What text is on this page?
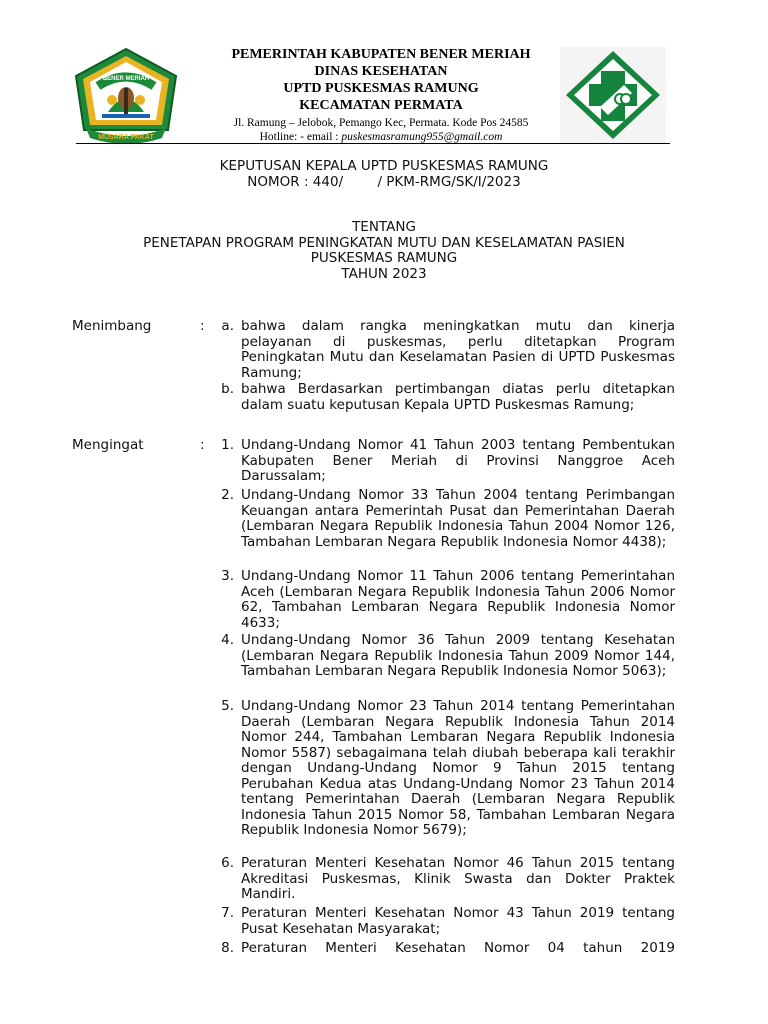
BENER MERIAH
MUSARA PAKAT
PEMERINTAH KABUPATEN BENER MERIAH
DINAS KESEHATAN
UPTD PUSKESMAS RAMUNG
KECAMATAN PERMATA
Jl. Ramung – Jelobok, Pemango Kec, Permata. Kode Pos 24585
Hotline: - email : puskesmasramung955@gmail.com
KEPUTUSAN KEPALA UPTD PUSKESMAS RAMUNG
NOMOR : 440/        / PKM-RMG/SK/I/2023
TENTANG
PENETAPAN PROGRAM PENINGKATAN MUTU DAN KESELAMATAN PASIEN
PUSKESMAS RAMUNG
TAHUN 2023
Menimbang	:	a. bahwa dalam rangka meningkatkan mutu dan kinerja pelayanan di puskesmas, perlu ditetapkan Program Peningkatan Mutu dan Keselamatan Pasien di UPTD Puskesmas Ramung;
b. bahwa Berdasarkan pertimbangan diatas perlu ditetapkan dalam suatu keputusan Kepala UPTD Puskesmas Ramung;
Mengingat	:	1. Undang-Undang Nomor 41 Tahun 2003 tentang Pembentukan Kabupaten Bener Meriah di Provinsi Nanggroe Aceh Darussalam;
2. Undang-Undang Nomor 33 Tahun 2004 tentang Perimbangan Keuangan antara Pemerintah Pusat dan Pemerintahan Daerah (Lembaran Negara Republik Indonesia Tahun 2004 Nomor 126, Tambahan Lembaran Negara Republik Indonesia Nomor 4438);
3. Undang-Undang Nomor 11 Tahun 2006 tentang Pemerintahan Aceh (Lembaran Negara Republik Indonesia Tahun 2006 Nomor 62, Tambahan Lembaran Negara Republik Indonesia Nomor 4633;
4. Undang-Undang Nomor 36 Tahun 2009 tentang Kesehatan (Lembaran Negara Republik Indonesia Tahun 2009 Nomor 144, Tambahan Lembaran Negara Republik Indonesia Nomor 5063);
5. Undang-Undang Nomor 23 Tahun 2014 tentang Pemerintahan Daerah (Lembaran Negara Republik Indonesia Tahun 2014 Nomor 244, Tambahan Lembaran Negara Republik Indonesia Nomor 5587) sebagaimana telah diubah beberapa kali terakhir dengan Undang-Undang Nomor 9 Tahun 2015 tentang Perubahan Kedua atas Undang-Undang Nomor 23 Tahun 2014 tentang Pemerintahan Daerah (Lembaran Negara Republik Indonesia Tahun 2015 Nomor 58, Tambahan Lembaran Negara Republik Indonesia Nomor 5679);
6. Peraturan Menteri Kesehatan Nomor 46 Tahun 2015 tentang Akreditasi Puskesmas, Klinik Swasta dan Dokter Praktek Mandiri.
7. Peraturan Menteri Kesehatan Nomor 43 Tahun 2019 tentang Pusat Kesehatan Masyarakat;
8. Peraturan Menteri Kesehatan Nomor 04 tahun 2019
